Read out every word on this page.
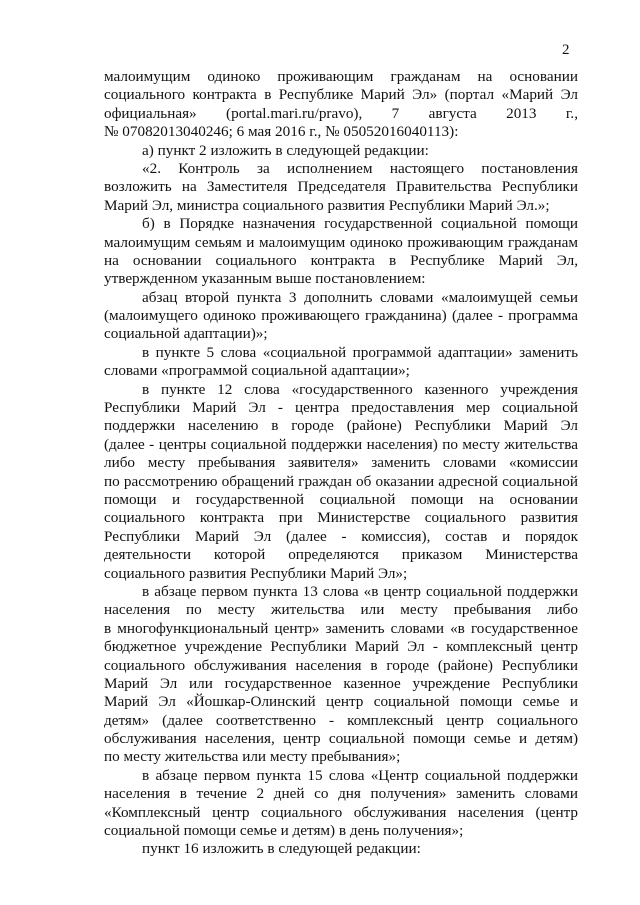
2
малоимущим одиноко проживающим гражданам на основании
социального контракта в Республике Марий Эл» (портал «Марий Эл
официальная» (portal.mari.ru/pravo), 7 августа 2013 г.,
№ 07082013040246; 6 мая 2016 г., № 05052016040113):
а) пункт 2 изложить в следующей редакции:
«2. Контроль за исполнением настоящего постановления
возложить на Заместителя Председателя Правительства Республики
Марий Эл, министра социального развития Республики Марий Эл.»;
б) в Порядке назначения государственной социальной помощи
малоимущим семьям и малоимущим одиноко проживающим гражданам
на основании социального контракта в Республике Марий Эл,
утвержденном указанным выше постановлением:
абзац второй пункта 3 дополнить словами «малоимущей семьи
(малоимущего одиноко проживающего гражданина) (далее - программа
социальной адаптации)»;
в пункте 5 слова «социальной программой адаптации» заменить
словами «программой социальной адаптации»;
в пункте 12 слова «государственного казенного учреждения
Республики Марий Эл - центра предоставления мер социальной
поддержки населению в городе (районе) Республики Марий Эл
(далее - центры социальной поддержки населения) по месту жительства
либо месту пребывания заявителя» заменить словами «комиссии
по рассмотрению обращений граждан об оказании адресной социальной
помощи и государственной социальной помощи на основании
социального контракта при Министерстве социального развития
Республики Марий Эл (далее - комиссия), состав и порядок
деятельности которой определяются приказом Министерства
социального развития Республики Марий Эл»;
в абзаце первом пункта 13 слова «в центр социальной поддержки
населения по месту жительства или месту пребывания либо
в многофункциональный центр» заменить словами «в государственное
бюджетное учреждение Республики Марий Эл - комплексный центр
социального обслуживания населения в городе (районе) Республики
Марий Эл или государственное казенное учреждение Республики
Марий Эл «Йошкар-Олинский центр социальной помощи семье и
детям» (далее соответственно - комплексный центр социального
обслуживания населения, центр социальной помощи семье и детям)
по месту жительства или месту пребывания»;
в абзаце первом пункта 15 слова «Центр социальной поддержки
населения в течение 2 дней со дня получения» заменить словами
«Комплексный центр социального обслуживания населения (центр
социальной помощи семье и детям) в день получения»;
пункт 16 изложить в следующей редакции:
